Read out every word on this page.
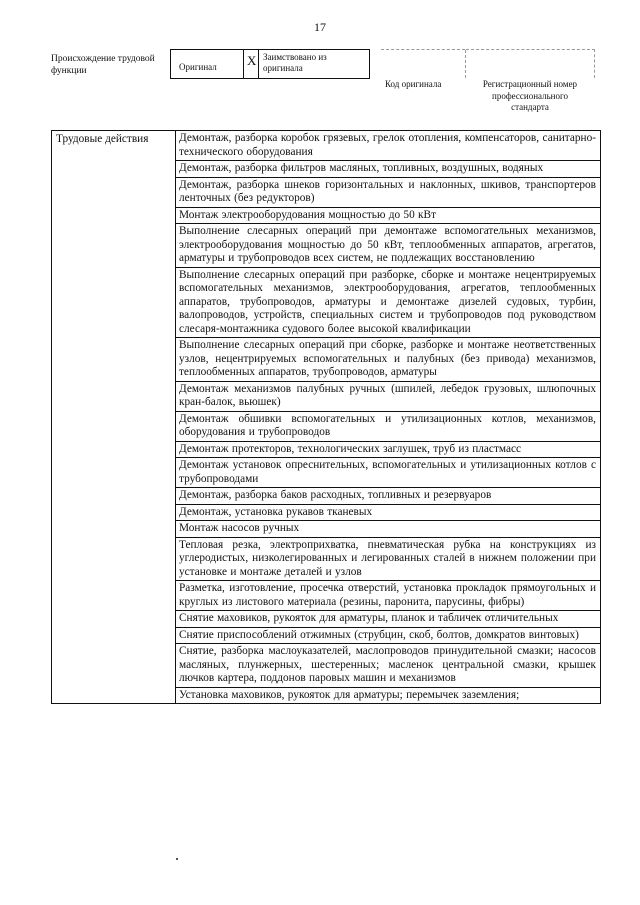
17
Происхождение трудовой функции	Оригинал X Заимствовано из оригинала
Код оригинала	Регистрационный номер профессионального стандарта
Трудовые действия	Демонтаж, разборка коробок грязевых, грелок отопления, компенсаторов, санитарно-технического оборудования
Демонтаж, разборка фильтров масляных, топливных, воздушных, водяных
Демонтаж, разборка шнеков горизонтальных и наклонных, шкивов, транспортеров ленточных (без редукторов)
Монтаж электрооборудования мощностью до 50 кВт
Выполнение слесарных операций при демонтаже вспомогательных механизмов, электрооборудования мощностью до 50 кВт, теплообменных аппаратов, агрегатов, арматуры и трубопроводов всех систем, не подлежащих восстановлению
Выполнение слесарных операций при разборке, сборке и монтаже нецентрируемых вспомогательных механизмов, электрооборудования, агрегатов, теплообменных аппаратов, трубопроводов, арматуры и демонтаже дизелей судовых, турбин, валопроводов, устройств, специальных систем и трубопроводов под руководством слесаря-монтажника судового более высокой квалификации
Выполнение слесарных операций при сборке, разборке и монтаже неответственных узлов, нецентрируемых вспомогательных и палубных (без привода) механизмов, теплообменных аппаратов, трубопроводов, арматуры
Демонтаж механизмов палубных ручных (шпилей, лебедок грузовых, шлюпочных кран-балок, вьюшек)
Демонтаж обшивки вспомогательных и утилизационных котлов, механизмов, оборудования и трубопроводов
Демонтаж протекторов, технологических заглушек, труб из пластмасс
Демонтаж установок опреснительных, вспомогательных и утилизационных котлов с трубопроводами
Демонтаж, разборка баков расходных, топливных и резервуаров
Демонтаж, установка рукавов тканевых
Монтаж насосов ручных
Тепловая резка, электроприхватка, пневматическая рубка на конструкциях из углеродистых, низколегированных и легированных сталей в нижнем положении при установке и монтаже деталей и узлов
Разметка, изготовление, просечка отверстий, установка прокладок прямоугольных и круглых из листового материала (резины, паронита, парусины, фибры)
Снятие маховиков, рукояток для арматуры, планок и табличек отличительных
Снятие приспособлений отжимных (струбцин, скоб, болтов, домкратов винтовых)
Снятие, разборка маслоуказателей, маслопроводов принудительной смазки; насосов масляных, плунжерных, шестеренных; масленок центральной смазки, крышек лючков картера, поддонов паровых машин и механизмов
Установка маховиков, рукояток для арматуры; перемычек заземления;
